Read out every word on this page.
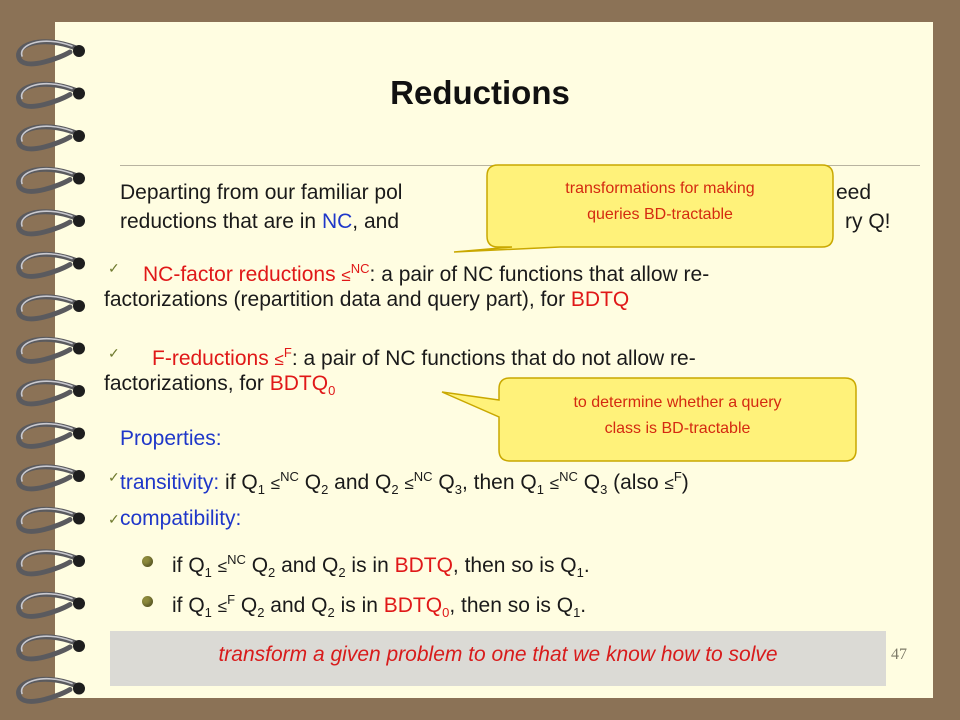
Reductions
Departing from our familiar pol	eed
reductions that are in NC, and	ry Q!
✓ NC-factor reductions ≤$^{NC}$: a pair of NC functions that allow re-
factorizations (repartition data and query part), for BDTQ
✓ F-reductions ≤$^F$: a pair of NC functions that do not allow re-
factorizations, for $BDTQ_0$
Properties:
✓ transitivity: if $Q_1 \le^{NC}$ $Q_2$ and $Q_2 \le^{NC}$ $Q_3$, then $Q_1 \le^{NC}$ $Q_3$ (also ≤$^F$)
✓ compatibility:
if $Q_1 \le^{NC}$ $Q_2$ and $Q_2$ is in BDTQ, then so is $Q_1$.
if $Q_1 \le^F$ $Q_2$ and $Q_2$ is in $BDTQ_0$, then so is $Q_1$.
transformations for making
queries BD-tractable
to determine whether a query
class is BD-tractable
transform a given problem to one that we know how to solve	47
